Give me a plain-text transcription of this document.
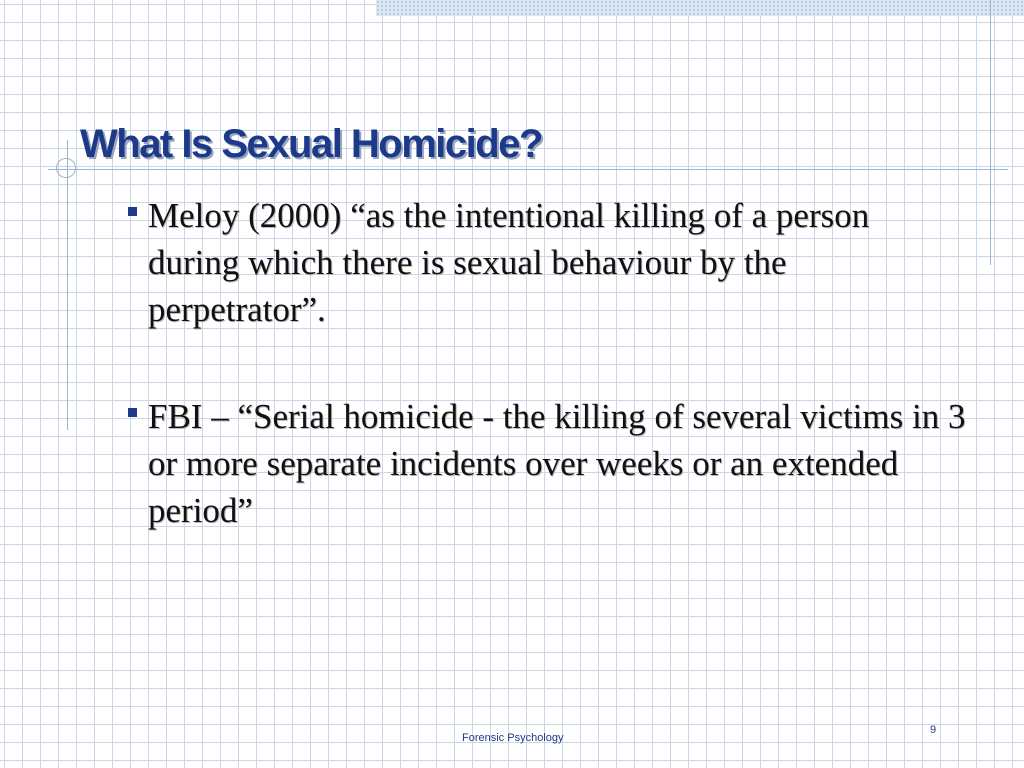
What Is Sexual Homicide?
Meloy (2000) “as the intentional killing of a person during which there is sexual behaviour by the perpetrator”.
FBI – “Serial homicide - the killing of several victims in 3 or more separate incidents over weeks or an extended period”
Forensic Psychology
9
